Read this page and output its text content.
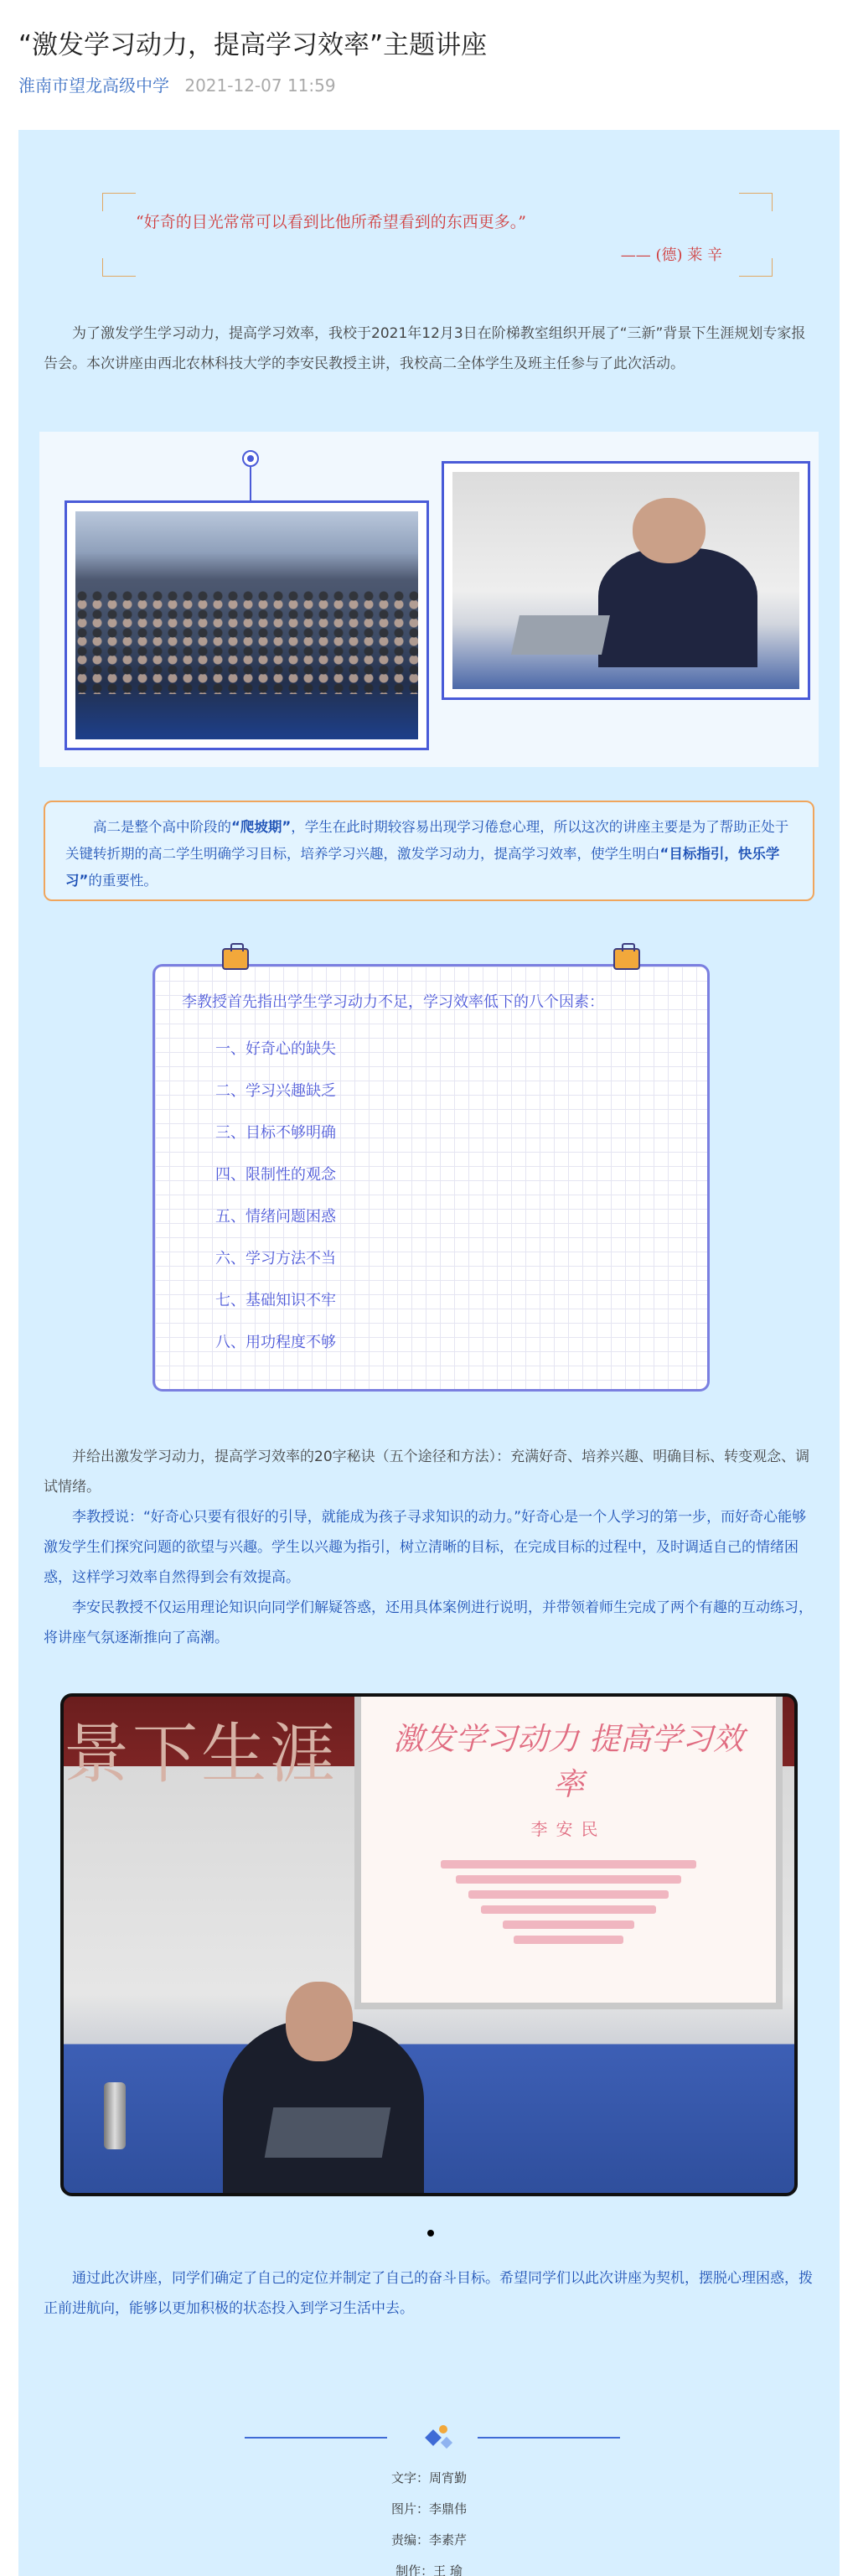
“激发学习动力，提高学习效率”主题讲座
淮南市望龙高级中学 2021-12-07 11:59
“好奇的目光常常可以看到比他所希望看到的东西更多。”
—— (德) 莱 辛

为了激发学生学习动力，提高学习效率，我校于2021年12月3日在阶梯教室组织开展了“三新”背景下生涯规划专家报告会。本次讲座由西北农林科技大学的李安民教授主讲，我校高二全体学生及班主任参与了此次活动。

高二是整个高中阶段的“爬坡期”，学生在此时期较容易出现学习倦怠心理，所以这次的讲座主要是为了帮助正处于关键转折期的高二学生明确学习目标，培养学习兴趣，激发学习动力，提高学习效率，使学生明白“目标指引，快乐学习”的重要性。
李教授首先指出学生学习动力不足，学习效率低下的八个因素：
一、好奇心的缺失
二、学习兴趣缺乏
三、目标不够明确
四、限制性的观念
五、情绪问题困惑
六、学习方法不当
七、基础知识不牢
八、用功程度不够

并给出激发学习动力，提高学习效率的20字秘诀（五个途径和方法）：充满好奇、培养兴趣、明确目标、转变观念、调试情绪。

李教授说：“好奇心只要有很好的引导，就能成为孩子寻求知识的动力。”好奇心是一个人学习的第一步，而好奇心能够激发学生们探究问题的欲望与兴趣。学生以兴趣为指引，树立清晰的目标，在完成目标的过程中，及时调适自己的情绪困惑，这样学习效率自然得到会有效提高。

李安民教授不仅运用理论知识向同学们解疑答惑，还用具体案例进行说明，并带领着师生完成了两个有趣的互动练习，将讲座气氛逐渐推向了高潮。

景下生涯 激发学习动力 提高学习效率
李安民

通过此次讲座，同学们确定了自己的定位并制定了自己的奋斗目标。希望同学们以此次讲座为契机，摆脱心理困惑，拨正前进航向，能够以更加积极的状态投入到学习生活中去。

文字：周宵勤
图片：李鼎伟
责编：李素芹
制作：王 瑜
